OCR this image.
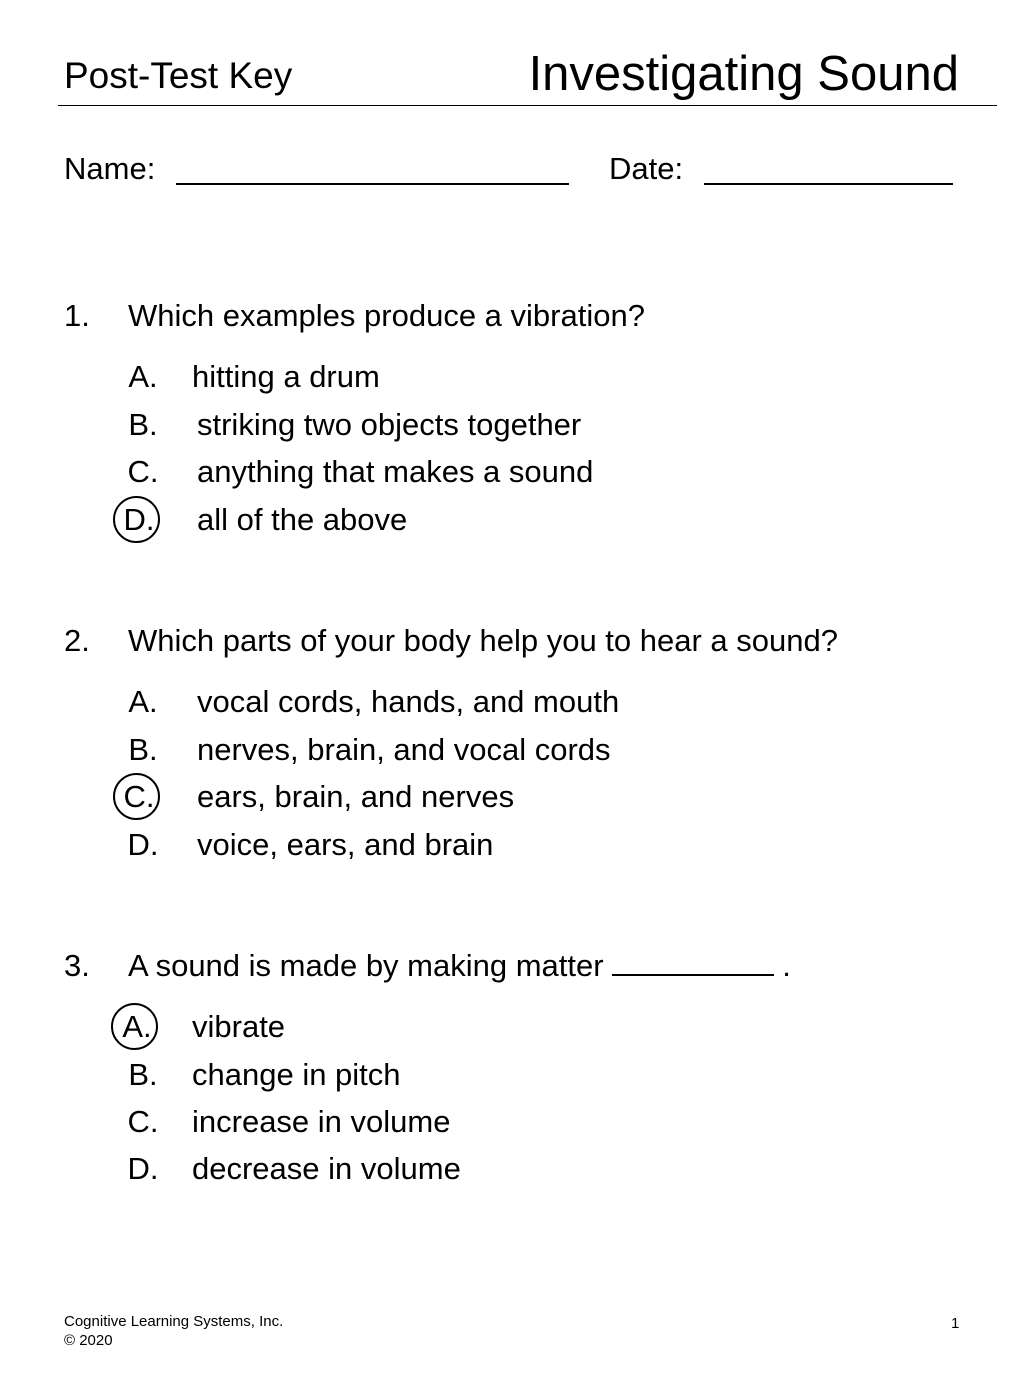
Post-Test Key	Investigating Sound
Name:	Date:
1. Which examples produce a vibration?
A.	hitting a drum
B.	striking two objects together
C.	anything that makes a sound
D.	all of the above
2. Which parts of your body help you to hear a sound?
A.	vocal cords, hands, and mouth
B.	nerves, brain, and vocal cords
C.	ears, brain, and nerves
D.	voice, ears, and brain
3. A sound is made by making matter	.
A.	vibrate
B.	change in pitch
C.	increase in volume
D.	decrease in volume
Cognitive Learning Systems, Inc.
© 2020
1
